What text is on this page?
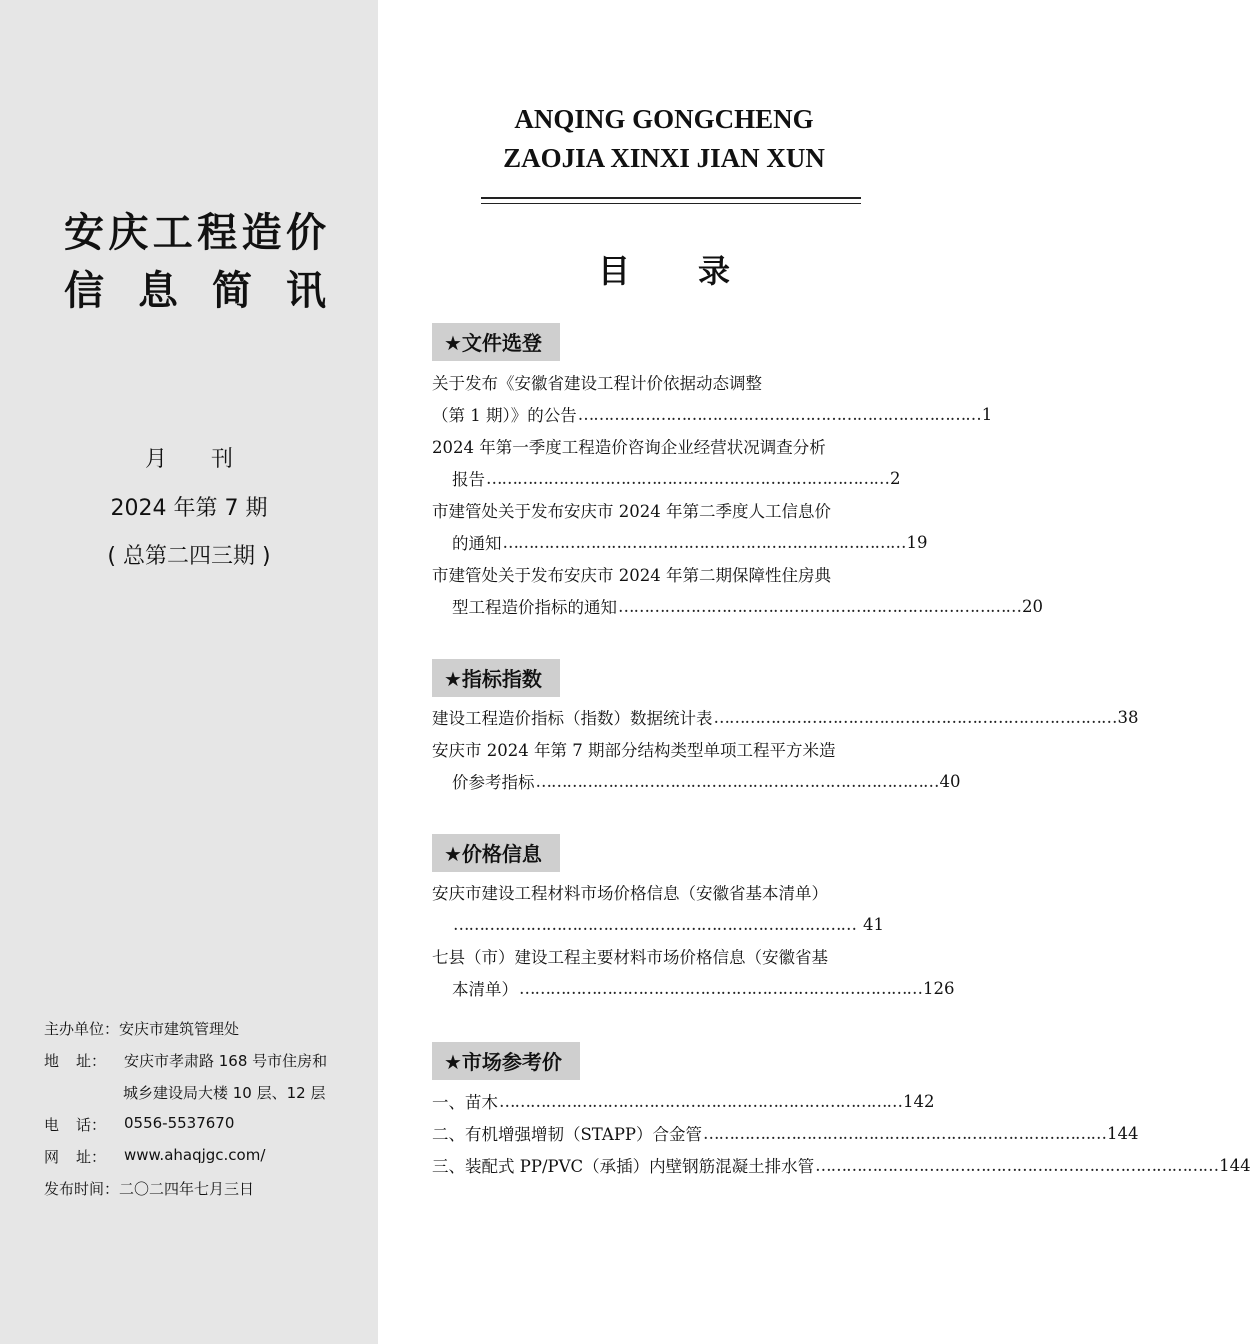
安 庆 工 程 造 价
信 息 简 讯
月 刊
2024 年第 7 期
( 总第二四三期 )
主办单位： 安庆市建筑管理处
地 址： 安庆市孝肃路 168 号市住房和
城乡建设局大楼 10 层、12 层
电 话： 0556-5537670
网 址： www.ahaqjgc.com/
发布时间： 二〇二四年七月三日
ANQING GONGCHENG
ZAOJIA XINXI JIAN XUN
目 录
★文件选登
关于发布《安徽省建设工程计价依据动态调整
（第 1 期）》的公告 …………………………………………………………………… 1
2024 年第一季度工程造价咨询企业经营状况调查分析
报告 …………………………………………………………………… 2
市建管处关于发布安庆市 2024 年第二季度人工信息价
的通知 …………………………………………………………………… 19
市建管处关于发布安庆市 2024 年第二期保障性住房典
型工程造价指标的通知 …………………………………………………………………… 20
★指标指数
建设工程造价指标（指数）数据统计表 …………………………………………………………………… 38
安庆市 2024 年第 7 期部分结构类型单项工程平方米造
价参考指标 …………………………………………………………………… 40
★价格信息
安庆市建设工程材料市场价格信息（安徽省基本清单）
…………………………………………………………………… 41
七县（市）建设工程主要材料市场价格信息（安徽省基
本清单） …………………………………………………………………… 126
★市场参考价
一、苗木 …………………………………………………………………… 142
二、有机增强增韧（STAPP）合金管 …………………………………………………………………… 144
三、装配式 PP/PVC（承插）内壁钢筋混凝土排水管 …………………………………………………………………… 144
